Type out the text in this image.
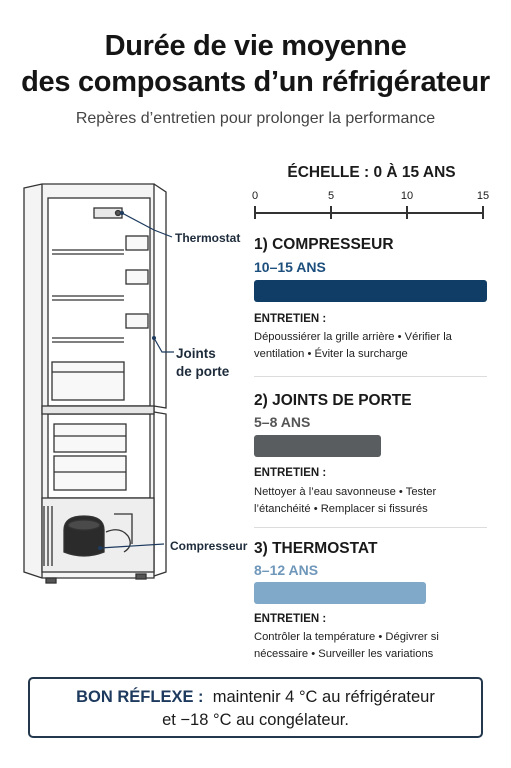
Durée de vie moyenne
des composants d’un réfrigérateur
Repères d’entretien pour prolonger la performance
Thermostat
Joints
de porte
Compresseur
ÉCHELLE : 0 À 15 ANS
0	5	10	15
1) COMPRESSEUR
10–15 ANS
ENTRETIEN :
Dépoussiérer la grille arrière • Vérifier la
ventilation • Éviter la surcharge
2) JOINTS DE PORTE
5–8 ANS
ENTRETIEN :
Nettoyer à l’eau savonneuse • Tester
l’étanchéité • Remplacer si fissurés
3) THERMOSTAT
8–12 ANS
ENTRETIEN :
Contrôler la température • Dégivrer si
nécessaire • Surveiller les variations
BON RÉFLEXE : maintenir 4 °C au réfrigérateur
et −18 °C au congélateur.
